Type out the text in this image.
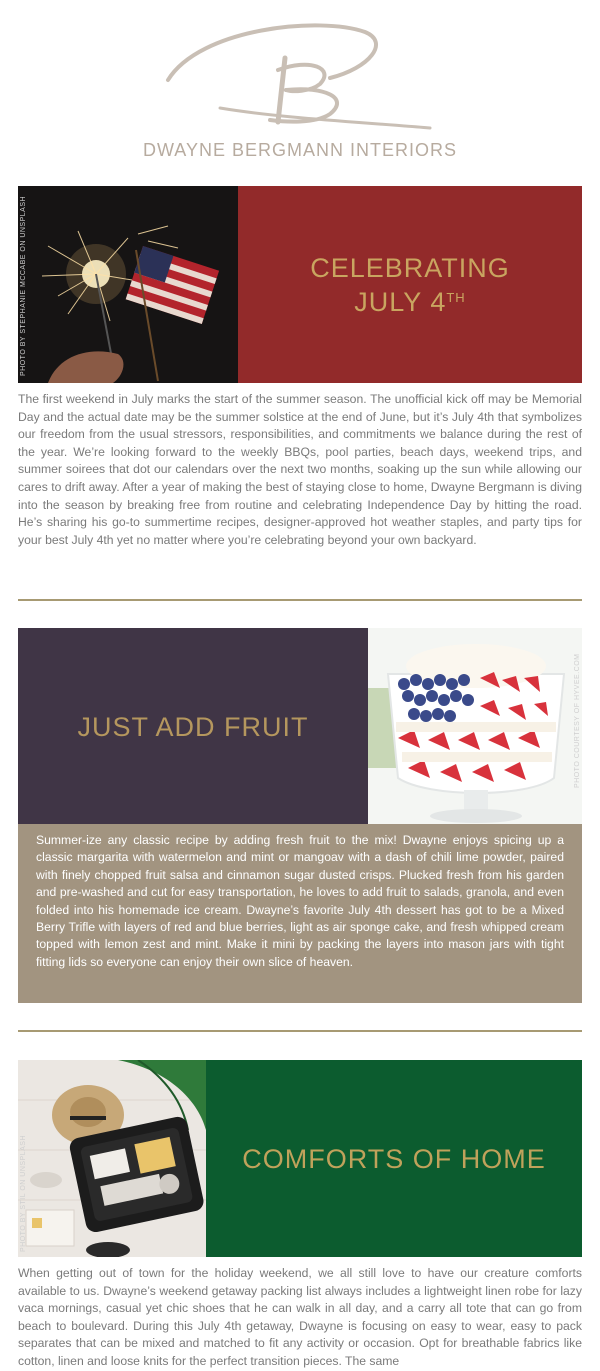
B
DWAYNE BERGMANN INTERIORS
PHOTO BY STEPHANIE MCCABE ON UNSPLASH	CELEBRATING
JULY 4TH

The first weekend in July marks the start of the summer season. The unofficial kick off may be Memorial Day and the actual date may be the summer solstice at the end of June, but it’s July 4th that symbolizes our freedom from the usual stressors, responsibilities, and commitments we balance during the rest of the year. We’re looking forward to the weekly BBQs, pool parties, beach days, weekend trips, and summer soirees that dot our calendars over the next two months, soaking up the sun while allowing our cares to drift away. After a year of making the best of staying close to home, Dwayne Bergmann is diving into the season by breaking free from routine and celebrating Independence Day by hitting the road. He’s sharing his go-to summertime recipes, designer-approved hot weather staples, and party tips for your best July 4th yet no matter where you’re celebrating beyond your own backyard.

JUST ADD FRUIT	PHOTO COURTESY OF HYVEE.COM

Summer-ize any classic recipe by adding fresh fruit to the mix! Dwayne enjoys spicing up a classic margarita with watermelon and mint or mangoav with a dash of chili lime powder, paired with finely chopped fruit salsa and cinnamon sugar dusted crisps. Plucked fresh from his garden and pre-washed and cut for easy transportation, he loves to add fruit to salads, granola, and even folded into his homemade ice cream. Dwayne’s favorite July 4th dessert has got to be a Mixed Berry Trifle with layers of red and blue berries, light as air sponge cake, and fresh whipped cream topped with lemon zest and mint. Make it mini by packing the layers into mason jars with tight fitting lids so everyone can enjoy their own slice of heaven.

PHOTO BY STIL ON UNSPLASH	COMFORTS OF HOME

When getting out of town for the holiday weekend, we all still love to have our creature comforts available to us. Dwayne’s weekend getaway packing list always includes a lightweight linen robe for lazy vaca mornings, casual yet chic shoes that he can walk in all day, and a carry all tote that can go from beach to boulevard. During this July 4th getaway, Dwayne is focusing on easy to wear, easy to pack separates that can be mixed and matched to fit any activity or occasion. Opt for breathable fabrics like cotton, linen and loose knits for the perfect transition pieces. The same
